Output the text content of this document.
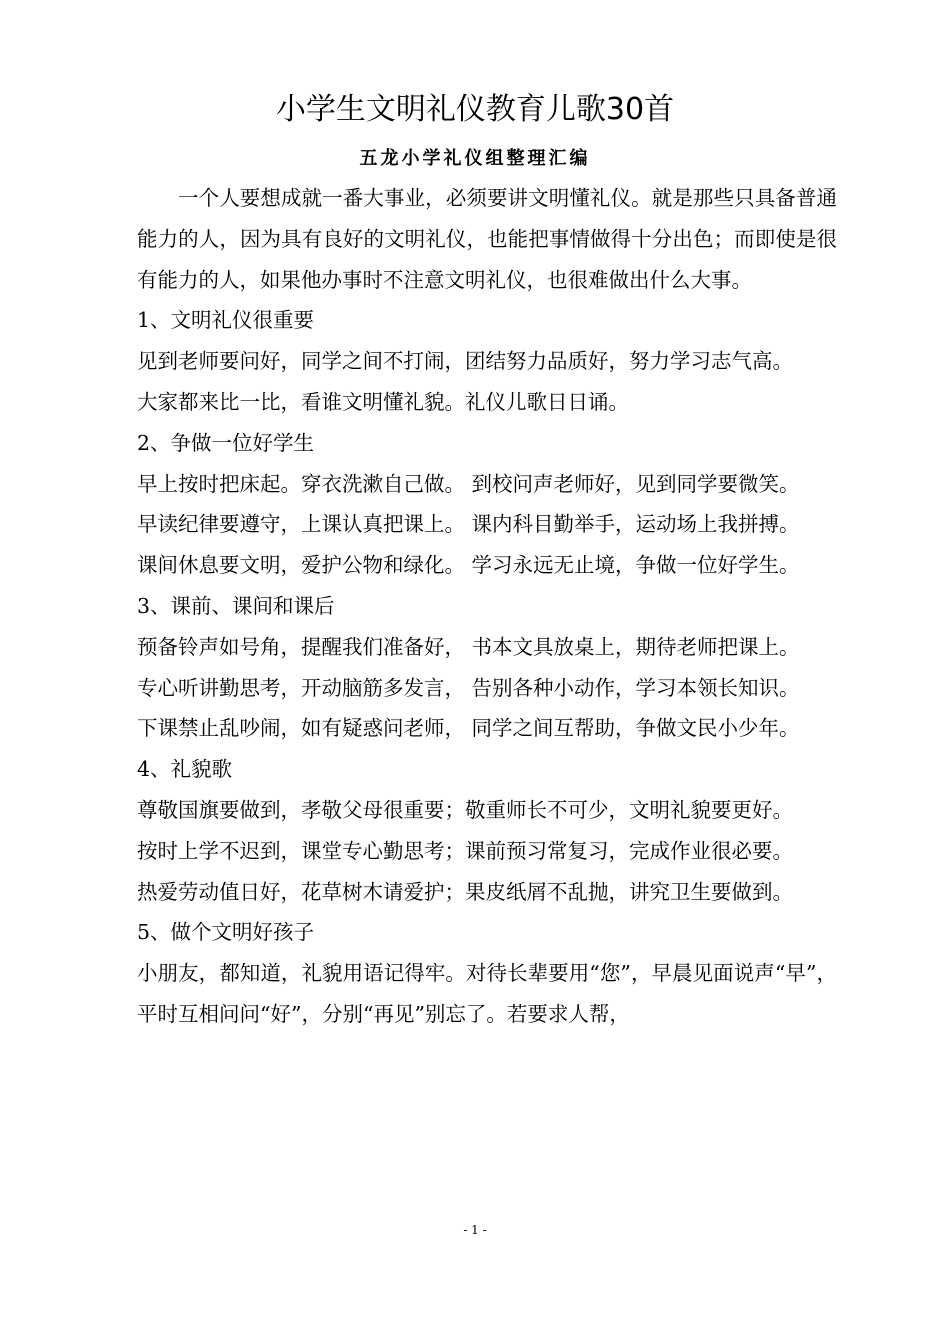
小学生文明礼仪教育儿歌30首
五龙小学礼仪组整理汇编

一个人要想成就一番大事业，必须要讲文明懂礼仪。就是那些只具备普通能力的人，因为具有良好的文明礼仪，也能把事情做得十分出色；而即使是很有能力的人，如果他办事时不注意文明礼仪，也很难做出什么大事。

1、文明礼仪很重要

见到老师要问好，同学之间不打闹，团结努力品质好，努力学习志气高。

大家都来比一比，看谁文明懂礼貌。礼仪儿歌日日诵。

2、争做一位好学生

早上按时把床起。穿衣洗漱自己做。 到校问声老师好，见到同学要微笑。

早读纪律要遵守，上课认真把课上。 课内科目勤举手，运动场上我拼搏。

课间休息要文明，爱护公物和绿化。 学习永远无止境，争做一位好学生。

3、课前、课间和课后

预备铃声如号角，提醒我们准备好， 书本文具放桌上，期待老师把课上。

专心听讲勤思考，开动脑筋多发言， 告别各种小动作，学习本领长知识。

下课禁止乱吵闹，如有疑惑问老师， 同学之间互帮助，争做文民小少年。

4、礼貌歌

尊敬国旗要做到，孝敬父母很重要；敬重师长不可少，文明礼貌要更好。

按时上学不迟到，课堂专心勤思考；课前预习常复习，完成作业很必要。

热爱劳动值日好，花草树木请爱护；果皮纸屑不乱抛，讲究卫生要做到。

5、做个文明好孩子

小朋友，都知道，礼貌用语记得牢。对待长辈要用“您”，早晨见面说声“早”，平时互相问问“好”，分别“再见”别忘了。若要求人帮，

- 1 -
